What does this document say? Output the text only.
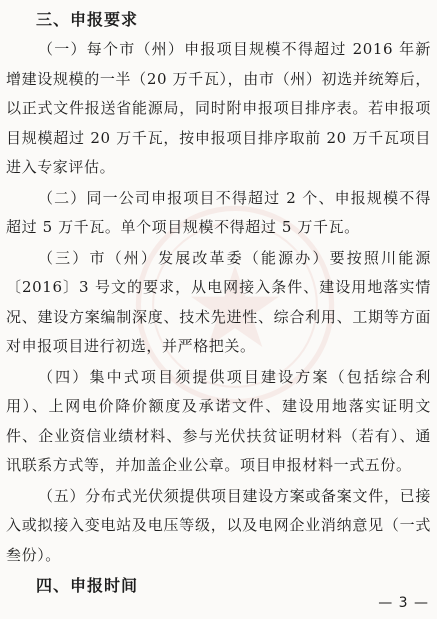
三、申报要求

（一）每个市（州）申报项目规模不得超过 2016 年新增建设规模的一半（20 万千瓦），由市（州）初选并统筹后，以正式文件报送省能源局，同时附申报项目排序表。若申报项目规模超过 20 万千瓦，按申报项目排序取前 20 万千瓦项目进入专家评估。

（二）同一公司申报项目不得超过 2 个、申报规模不得超过 5 万千瓦。单个项目规模不得超过 5 万千瓦。

（三）市（州）发展改革委（能源办）要按照川能源〔2016〕3 号文的要求，从电网接入条件、建设用地落实情况、建设方案编制深度、技术先进性、综合利用、工期等方面对申报项目进行初选，并严格把关。

（四）集中式项目须提供项目建设方案（包括综合利用）、上网电价降价额度及承诺文件、建设用地落实证明文件、企业资信业绩材料、参与光伏扶贫证明材料（若有）、通讯联系方式等，并加盖企业公章。项目申报材料一式五份。

（五）分布式光伏须提供项目建设方案或备案文件，已接入或拟接入变电站及电压等级，以及电网企业消纳意见（一式叁份）。

四、申报时间
— 3 —
